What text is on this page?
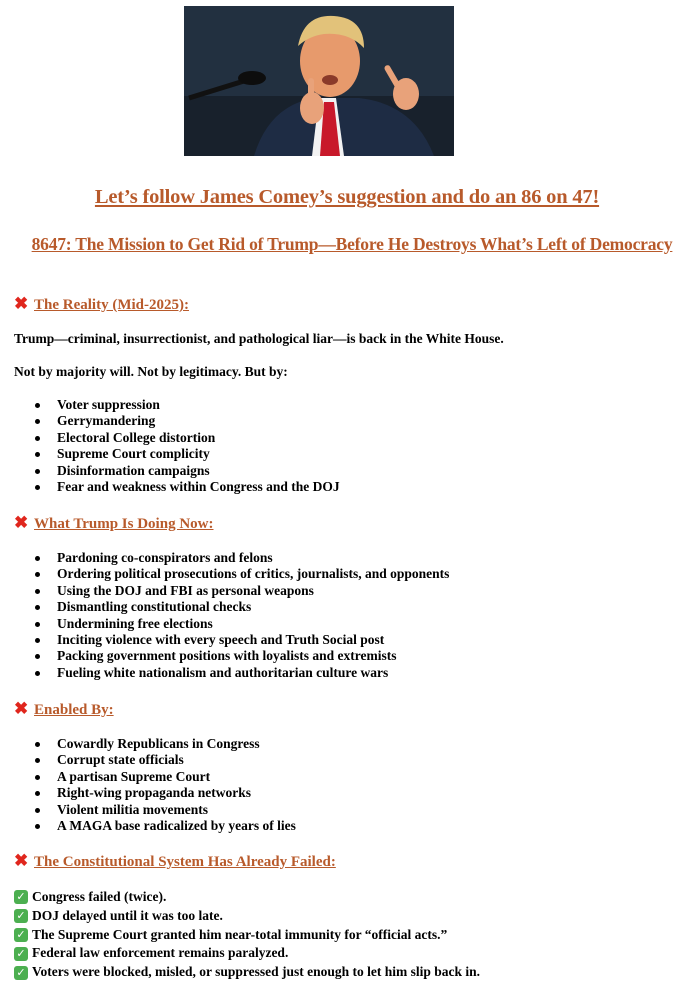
Let’s follow James Comey’s suggestion and do an 86 on 47!
8647: The Mission to Get Rid of Trump—Before He Destroys What’s Left of Democracy
✖ The Reality (Mid-2025):
Trump—criminal, insurrectionist, and pathological liar—is back in the White House.
Not by majority will. Not by legitimacy. But by:
Voter suppression
Gerrymandering
Electoral College distortion
Supreme Court complicity
Disinformation campaigns
Fear and weakness within Congress and the DOJ
✖ What Trump Is Doing Now:
Pardoning co-conspirators and felons
Ordering political prosecutions of critics, journalists, and opponents
Using the DOJ and FBI as personal weapons
Dismantling constitutional checks
Undermining free elections
Inciting violence with every speech and Truth Social post
Packing government positions with loyalists and extremists
Fueling white nationalism and authoritarian culture wars
✖ Enabled By:
Cowardly Republicans in Congress
Corrupt state officials
A partisan Supreme Court
Right-wing propaganda networks
Violent militia movements
A MAGA base radicalized by years of lies
✖ The Constitutional System Has Already Failed:
✓ Congress failed (twice).
✓ DOJ delayed until it was too late.
✓ The Supreme Court granted him near-total immunity for “official acts.”
✓ Federal law enforcement remains paralyzed.
✓ Voters were blocked, misled, or suppressed just enough to let him slip back in.
